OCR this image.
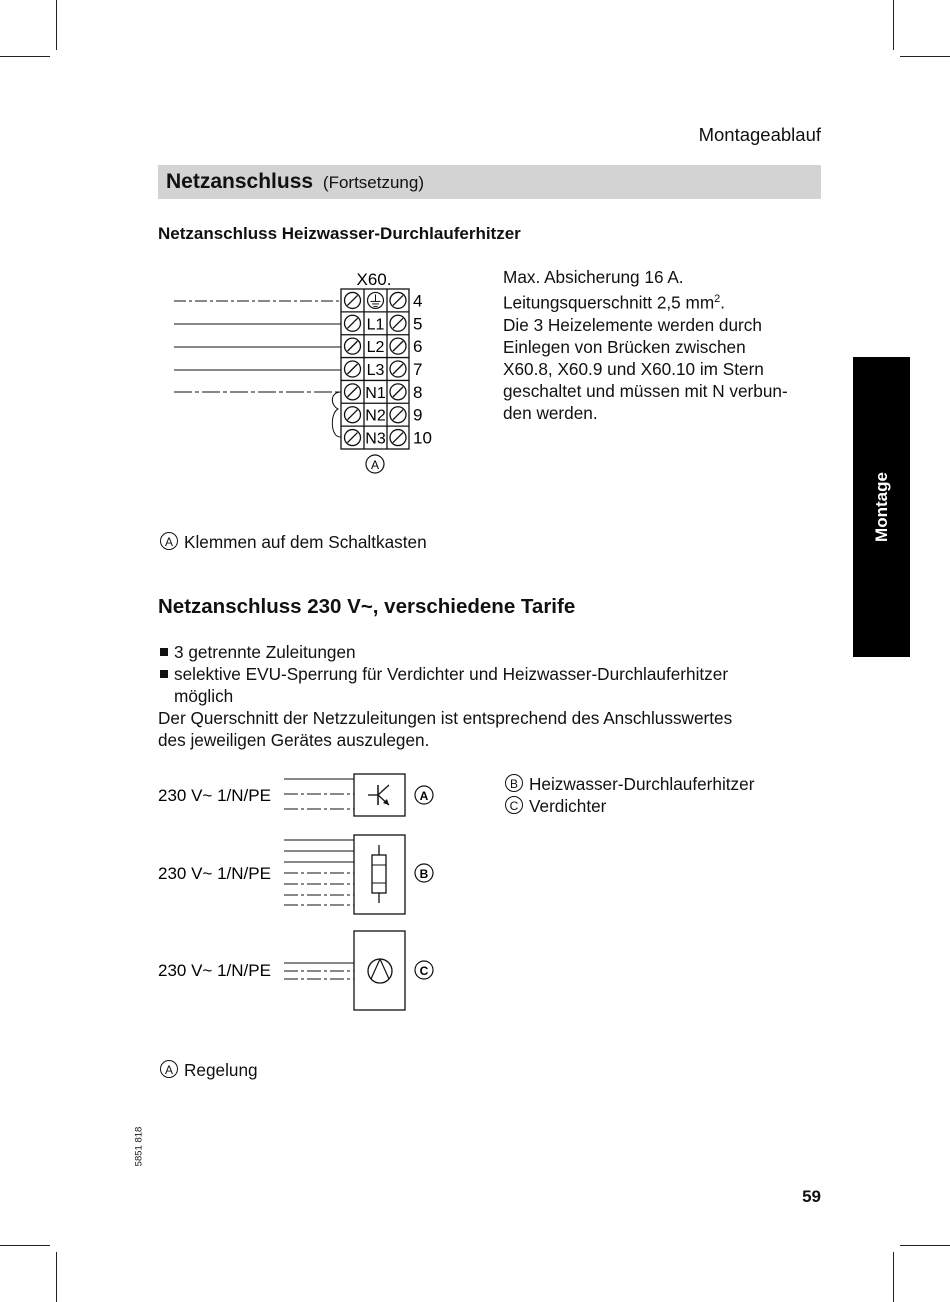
Montageablauf
Netzanschluss (Fortsetzung)
Montage
Netzanschluss Heizwasser-Durchlauferhitzer
X60.
4
L1 5
L2 6
L3 7
N1 8
N2 9
N3 10
A
Max. Absicherung 16 A.
Leitungsquerschnitt 2,5 $mm^2$.
Die 3 Heizelemente werden durch
Einlegen von Brücken zwischen
X60.8, X60.9 und X60.10 im Stern
geschaltet und müssen mit N verbun-
den werden.
A Klemmen auf dem Schaltkasten
Netzanschluss 230 V~, verschiedene Tarife
3 getrennte Zuleitungen
selektive EVU-Sperrung für Verdichter und Heizwasser-Durchlauferhitzer
möglich
Der Querschnitt der Netzzuleitungen ist entsprechend des Anschlusswertes
des jeweiligen Gerätes auszulegen.
230 V~ 1/N/PE	A
230 V~ 1/N/PE	B
230 V~ 1/N/PE	C
B Heizwasser-Durchlauferhitzer
C Verdichter
A Regelung
5851 818
59
